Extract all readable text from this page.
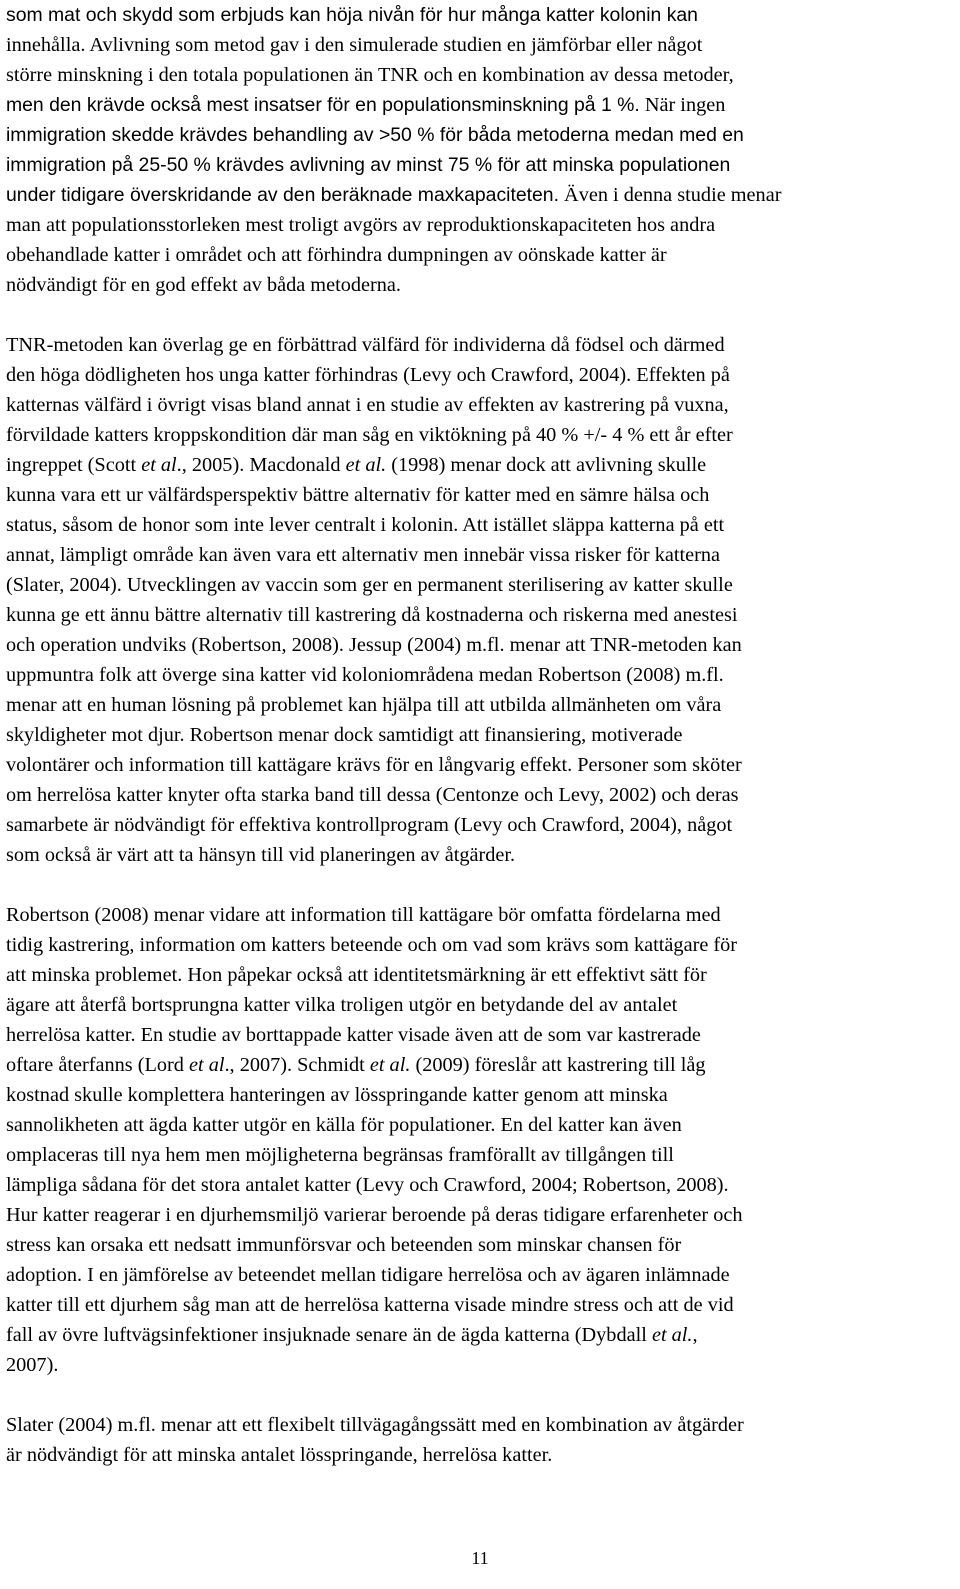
som mat och skydd som erbjuds kan höja nivån för hur många katter kolonin kan
innehålla. Avlivning som metod gav i den simulerade studien en jämförbar eller något
större minskning i den totala populationen än TNR och en kombination av dessa metoder,
men den krävde också mest insatser för en populationsminskning på 1 %. När ingen
immigration skedde krävdes behandling av >50 % för båda metoderna medan med en
immigration på 25-50 % krävdes avlivning av minst 75 % för att minska populationen
under tidigare överskridande av den beräknade maxkapaciteten. Även i denna studie menar
man att populationsstorleken mest troligt avgörs av reproduktionskapaciteten hos andra
obehandlade katter i området och att förhindra dumpningen av oönskade katter är
nödvändigt för en god effekt av båda metoderna.
TNR-metoden kan överlag ge en förbättrad välfärd för individerna då födsel och därmed
den höga dödligheten hos unga katter förhindras (Levy och Crawford, 2004). Effekten på
katternas välfärd i övrigt visas bland annat i en studie av effekten av kastrering på vuxna,
förvildade katters kroppskondition där man såg en viktökning på 40 % +/- 4 % ett år efter
ingreppet (Scott et al., 2005). Macdonald et al. (1998) menar dock att avlivning skulle
kunna vara ett ur välfärdsperspektiv bättre alternativ för katter med en sämre hälsa och
status, såsom de honor som inte lever centralt i kolonin. Att istället släppa katterna på ett
annat, lämpligt område kan även vara ett alternativ men innebär vissa risker för katterna
(Slater, 2004). Utvecklingen av vaccin som ger en permanent sterilisering av katter skulle
kunna ge ett ännu bättre alternativ till kastrering då kostnaderna och riskerna med anestesi
och operation undviks (Robertson, 2008). Jessup (2004) m.fl. menar att TNR-metoden kan
uppmuntra folk att överge sina katter vid koloniområdena medan Robertson (2008) m.fl.
menar att en human lösning på problemet kan hjälpa till att utbilda allmänheten om våra
skyldigheter mot djur. Robertson menar dock samtidigt att finansiering, motiverade
volontärer och information till kattägare krävs för en långvarig effekt. Personer som sköter
om herrelösa katter knyter ofta starka band till dessa (Centonze och Levy, 2002) och deras
samarbete är nödvändigt för effektiva kontrollprogram (Levy och Crawford, 2004), något
som också är värt att ta hänsyn till vid planeringen av åtgärder.
Robertson (2008) menar vidare att information till kattägare bör omfatta fördelarna med
tidig kastrering, information om katters beteende och om vad som krävs som kattägare för
att minska problemet. Hon påpekar också att identitetsmärkning är ett effektivt sätt för
ägare att återfå bortsprungna katter vilka troligen utgör en betydande del av antalet
herrelösa katter. En studie av borttappade katter visade även att de som var kastrerade
oftare återfanns (Lord et al., 2007). Schmidt et al. (2009) föreslår att kastrering till låg
kostnad skulle komplettera hanteringen av lösspringande katter genom att minska
sannolikheten att ägda katter utgör en källa för populationer. En del katter kan även
omplaceras till nya hem men möjligheterna begränsas framförallt av tillgången till
lämpliga sådana för det stora antalet katter (Levy och Crawford, 2004; Robertson, 2008).
Hur katter reagerar i en djurhemsmiljö varierar beroende på deras tidigare erfarenheter och
stress kan orsaka ett nedsatt immunförsvar och beteenden som minskar chansen för
adoption. I en jämförelse av beteendet mellan tidigare herrelösa och av ägaren inlämnade
katter till ett djurhem såg man att de herrelösa katterna visade mindre stress och att de vid
fall av övre luftvägsinfektioner insjuknade senare än de ägda katterna (Dybdall et al.,
2007).
Slater (2004) m.fl. menar att ett flexibelt tillvägagångssätt med en kombination av åtgärder
är nödvändigt för att minska antalet lösspringande, herrelösa katter.
11
